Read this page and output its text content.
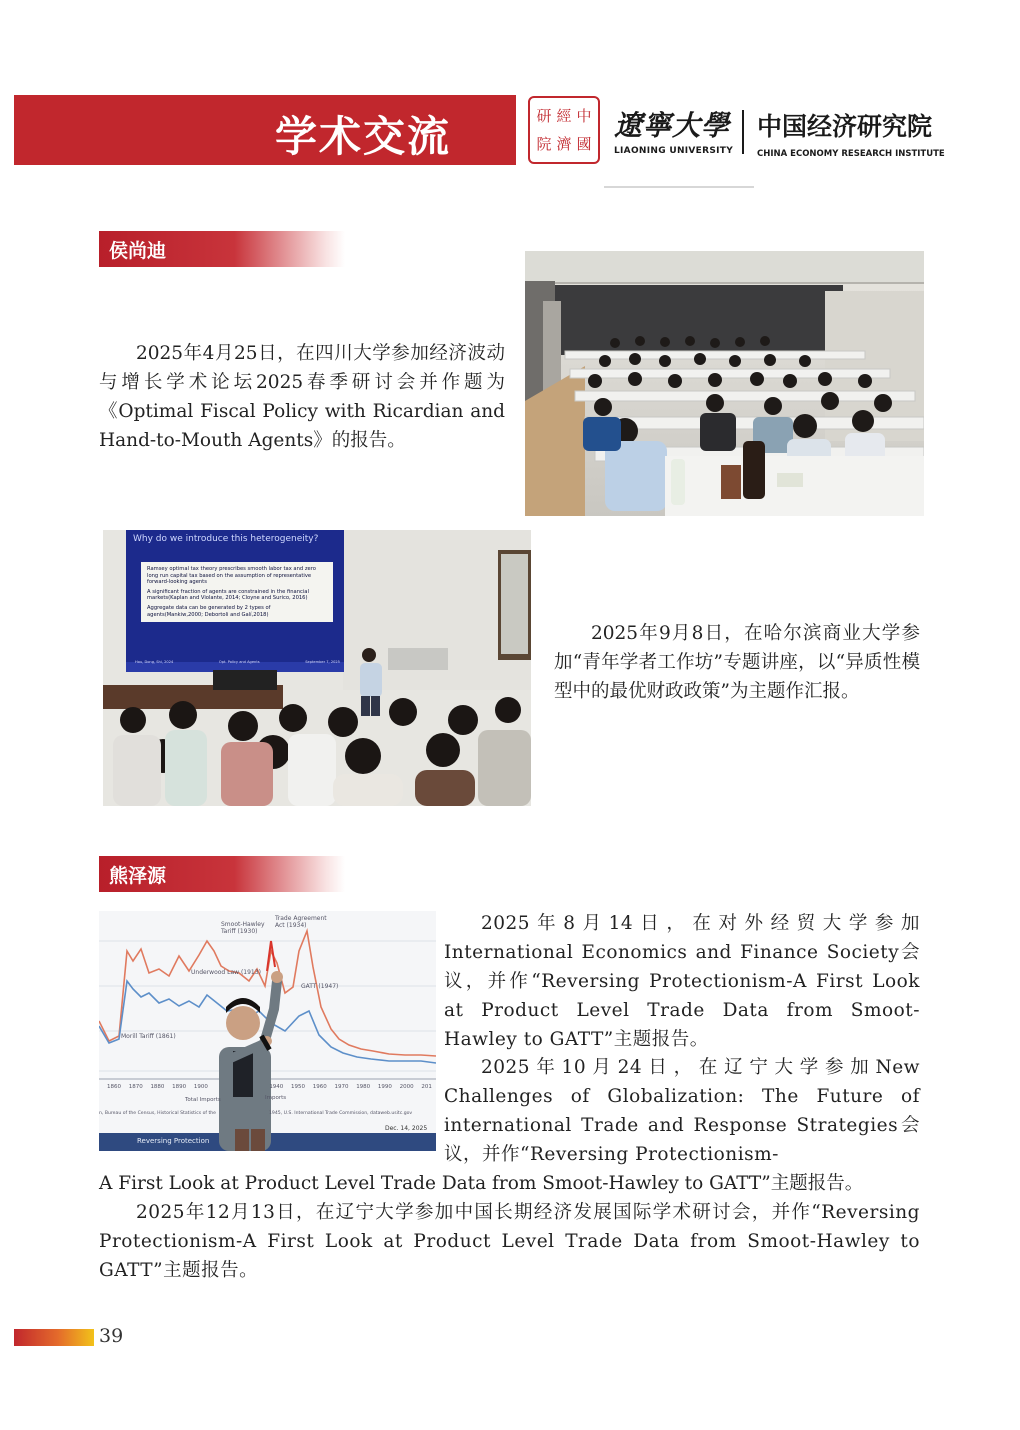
学术交流	研 經 中
院 濟 國
遼寧大學
LIAONING UNIVERSITY
中国经济研究院
CHINA ECONOMY RESEARCH INSTITUTE
侯尚迪

2025年4月25日，在四川大学参加经济波动与增长学术论坛2025春季研讨会并作题为《Optimal Fiscal Policy with Ricardian and Hand-to-Mouth Agents》的报告。

Why do we introduce this heterogeneity?
Ramsey optimal tax theory prescribes smooth labor tax and zero long run capital tax based on the assumption of representative forward-looking agents
A significant fraction of agents are constrained in the financial markets(Kaplan and Violante, 2014; Cloyne and Surico, 2016)
Aggregate data can be generated by 2 types of agents(Mankiw,2000; Debortoli and Galí,2018)
Hou, Dong, Shi, 2024	Opt. Policy and Agents	September 7, 2025

2025年9月8日，在哈尔滨商业大学参加“青年学者工作坊”专题讲座，以“异质性模型中的最优财政政策”为主题作汇报。

熊泽源
Smoot-Hawley Tariff (1930)
Trade Agreement Act (1934)
Underwood Law (1913)
GATT (1947)
Morill Tariff (1861)
1860 1870 1880 1890 1900	1940 1950 1960 1970 1980 1990 2000 201
Total Imports	Imports
n, Bureau of the Census, Historical Statistics of the	1945, U.S. International Trade Commission, dataweb.usitc.gov
Dec. 14, 2025
Reversing Protection

2025年8月14日，在对外经贸大学参加International Economics and Finance Society会议，并作“Reversing Protectionism-A First Look at Product Level Trade Data from Smoot-Hawley to GATT”主题报告。

2025年10月24日，在辽宁大学参加New Challenges of Globalization: The Future of international Trade and Response Strategies会议，并作“Reversing Protectionism-

A First Look at Product Level Trade Data from Smoot-Hawley to GATT”主题报告。

2025年12月13日，在辽宁大学参加中国长期经济发展国际学术研讨会，并作“Reversing Protectionism-A First Look at Product Level Trade Data from Smoot-Hawley to GATT”主题报告。

39
